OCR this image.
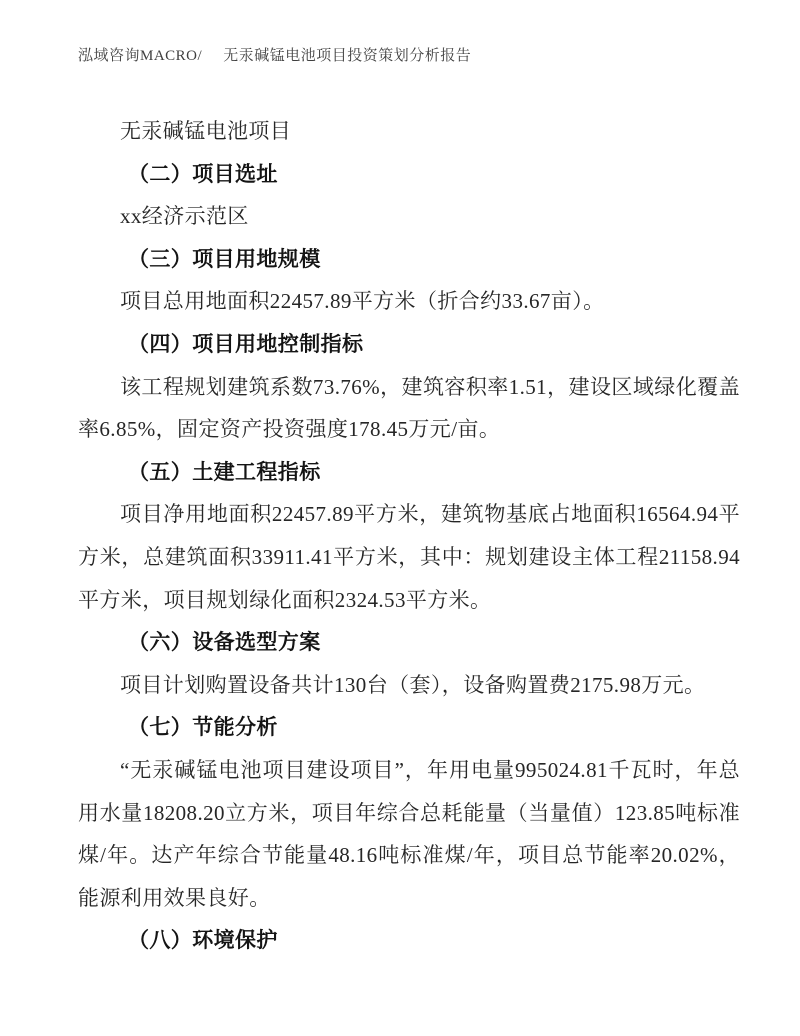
泓域咨询MACRO/ 无汞碱锰电池项目投资策划分析报告

无汞碱锰电池项目

（二）项目选址

xx经济示范区

（三）项目用地规模

项目总用地面积22457.89平方米（折合约33.67亩）。

（四）项目用地控制指标

该工程规划建筑系数73.76%，建筑容积率1.51，建设区域绿化覆盖率6.85%，固定资产投资强度178.45万元/亩。

（五）土建工程指标

项目净用地面积22457.89平方米，建筑物基底占地面积16564.94平方米，总建筑面积33911.41平方米，其中：规划建设主体工程21158.94平方米，项目规划绿化面积2324.53平方米。

（六）设备选型方案

项目计划购置设备共计130台（套），设备购置费2175.98万元。

（七）节能分析

“无汞碱锰电池项目建设项目”，年用电量995024.81千瓦时，年总用水量18208.20立方米，项目年综合总耗能量（当量值）123.85吨标准煤/年。达产年综合节能量48.16吨标准煤/年，项目总节能率20.02%，能源利用效果良好。

（八）环境保护
